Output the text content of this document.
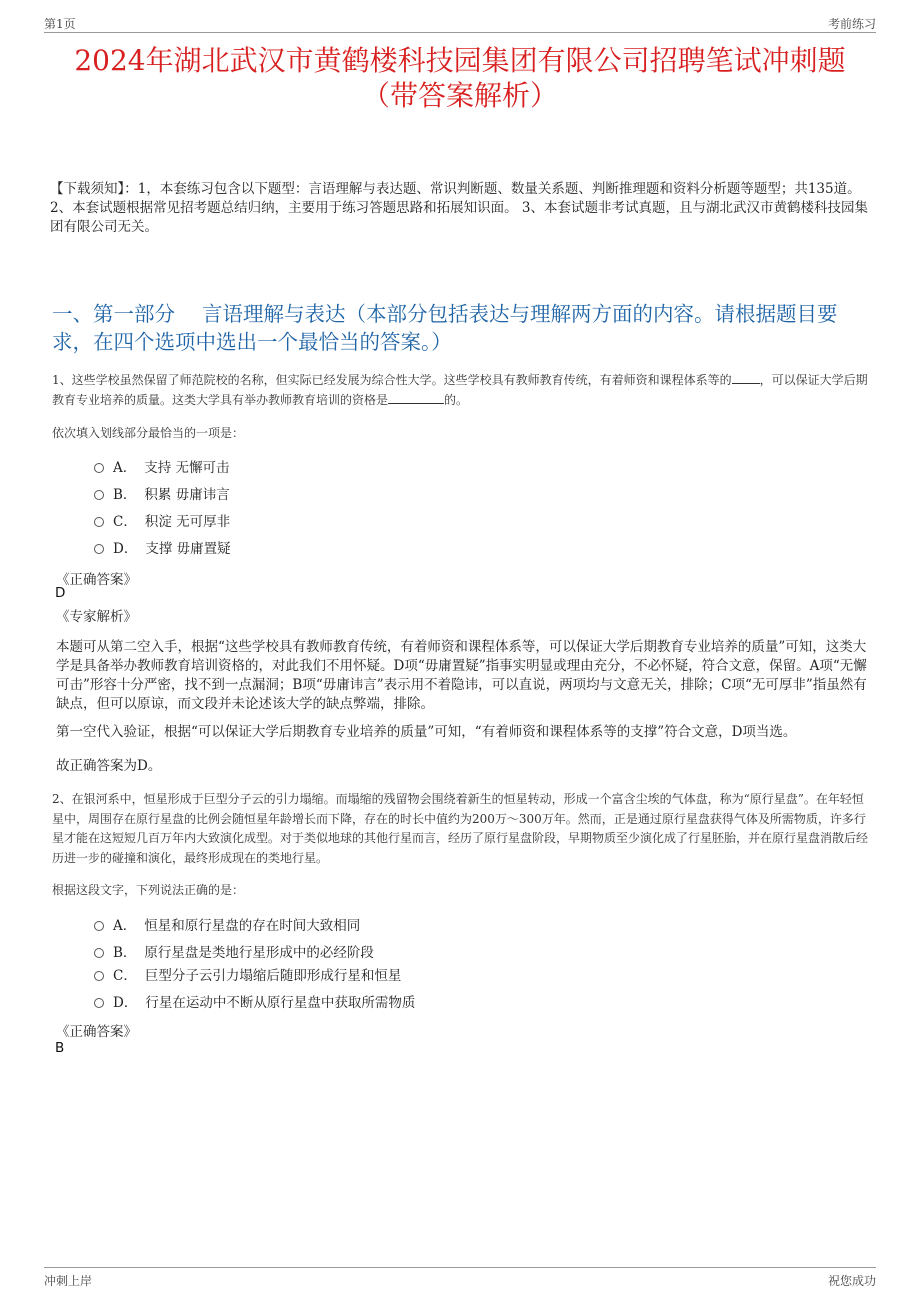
第1页	考前练习
2024年湖北武汉市黄鹤楼科技园集团有限公司招聘笔试冲刺题
（带答案解析）
【下载须知】：1，本套练习包含以下题型：言语理解与表达题、常识判断题、数量关系题、判断推理题和资料分析题等题型；共135道。 2、本套试题根据常见招考题总结归纳，主要用于练习答题思路和拓展知识面。 3、本套试题非考试真题，且与湖北武汉市黄鹤楼科技园集团有限公司无关。
一、第一部分　 言语理解与表达（本部分包括表达与理解两方面的内容。请根据题目要求，在四个选项中选出一个最恰当的答案。）
1、这些学校虽然保留了师范院校的名称，但实际已经发展为综合性大学。这些学校具有教师教育传统，有着师资和课程体系等的 ，可以保证大学后期教育专业培养的质量。这类大学具有举办教师教育培训的资格是	的。
依次填入划线部分最恰当的一项是：
A． 支持 无懈可击
B． 积累 毋庸讳言
C． 积淀 无可厚非
D． 支撑 毋庸置疑
《正确答案》
D
《专家解析》
本题可从第二空入手，根据“这些学校具有教师教育传统，有着师资和课程体系等，可以保证大学后期教育专业培养的质量”可知，这类大学是具备举办教师教育培训资格的，对此我们不用怀疑。D项“毋庸置疑”指事实明显或理由充分，不必怀疑，符合文意，保留。A项“无懈可击”形容十分严密，找不到一点漏洞；B项“毋庸讳言”表示用不着隐讳，可以直说，两项均与文意无关，排除；C项“无可厚非”指虽然有缺点，但可以原谅，而文段并未论述该大学的缺点弊端，排除。
第一空代入验证，根据“可以保证大学后期教育专业培养的质量”可知，“有着师资和课程体系等的支撑”符合文意，D项当选。
故正确答案为D。
2、在银河系中，恒星形成于巨型分子云的引力塌缩。而塌缩的残留物会围绕着新生的恒星转动，形成一个富含尘埃的气体盘，称为“原行星盘”。在年轻恒星中，周围存在原行星盘的比例会随恒星年龄增长而下降，存在的时长中值约为200万～300万年。然而，正是通过原行星盘获得气体及所需物质，许多行星才能在这短短几百万年内大致演化成型。对于类似地球的其他行星而言，经历了原行星盘阶段，早期物质至少演化成了行星胚胎，并在原行星盘消散后经历进一步的碰撞和演化，最终形成现在的类地行星。
根据这段文字，下列说法正确的是：
A． 恒星和原行星盘的存在时间大致相同
B． 原行星盘是类地行星形成中的必经阶段
C． 巨型分子云引力塌缩后随即形成行星和恒星
D． 行星在运动中不断从原行星盘中获取所需物质
《正确答案》
B
冲刺上岸	祝您成功
